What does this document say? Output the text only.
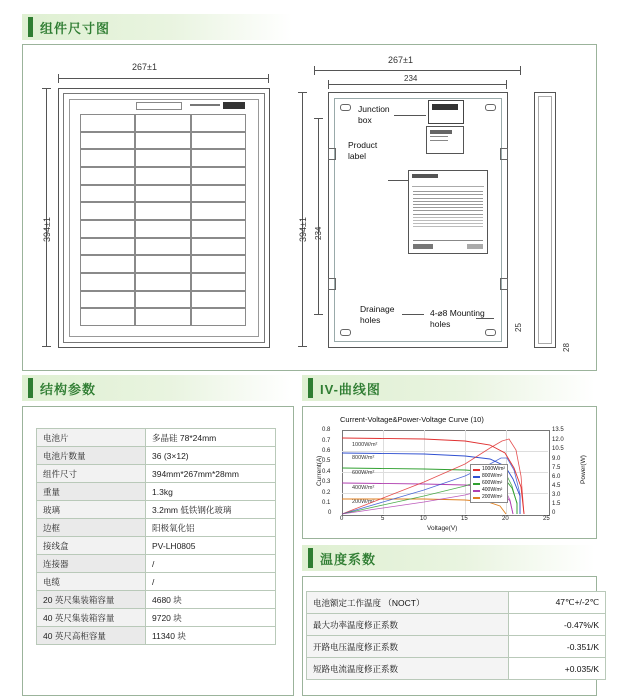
组件尺寸图
267±1
394±1
267±1
234
394±1 234
Junction box
Product label
Drainage holes
4-⌀8 Mounting holes	25
28
结构参数
电池片	多晶硅 78*24mm
电池片数量	36 (3×12)
组件尺寸	394mm*267mm*28mm
重量	1.3kg
玻璃	3.2mm 低铁钢化玻璃
边框	阳极氧化铝
接线盒	PV-LH0805
连接器	/
电缆	/
20 英尺集装箱容量	4680 块
40 英尺集装箱容量	9720 块
40 英尺高柜容量	11340 块
IV-曲线图
Current-Voltage&Power-Voltage Curve (10)
0
0.1
0.2
0.3
0.4
0.5
0.6
0.7
0.8
0
1.5
3.0
4.5
6.0
7.5
9.0
10.5
12.0
13.5
0	5	10	15	20	25
Voltage(V)
Current(A)	Power(W)
1000W/m²
800W/m²
600W/m²
400W/m²
200W/m²
1000W/m²
800W/m²
600W/m²
400W/m²
200W/m²
温度系数
电池额定工作温度 （NOCT）	47℃+/-2℃
最大功率温度修正系数	-0.47%/K
开路电压温度修正系数	-0.351/K
短路电流温度修正系数	+0.035/K
